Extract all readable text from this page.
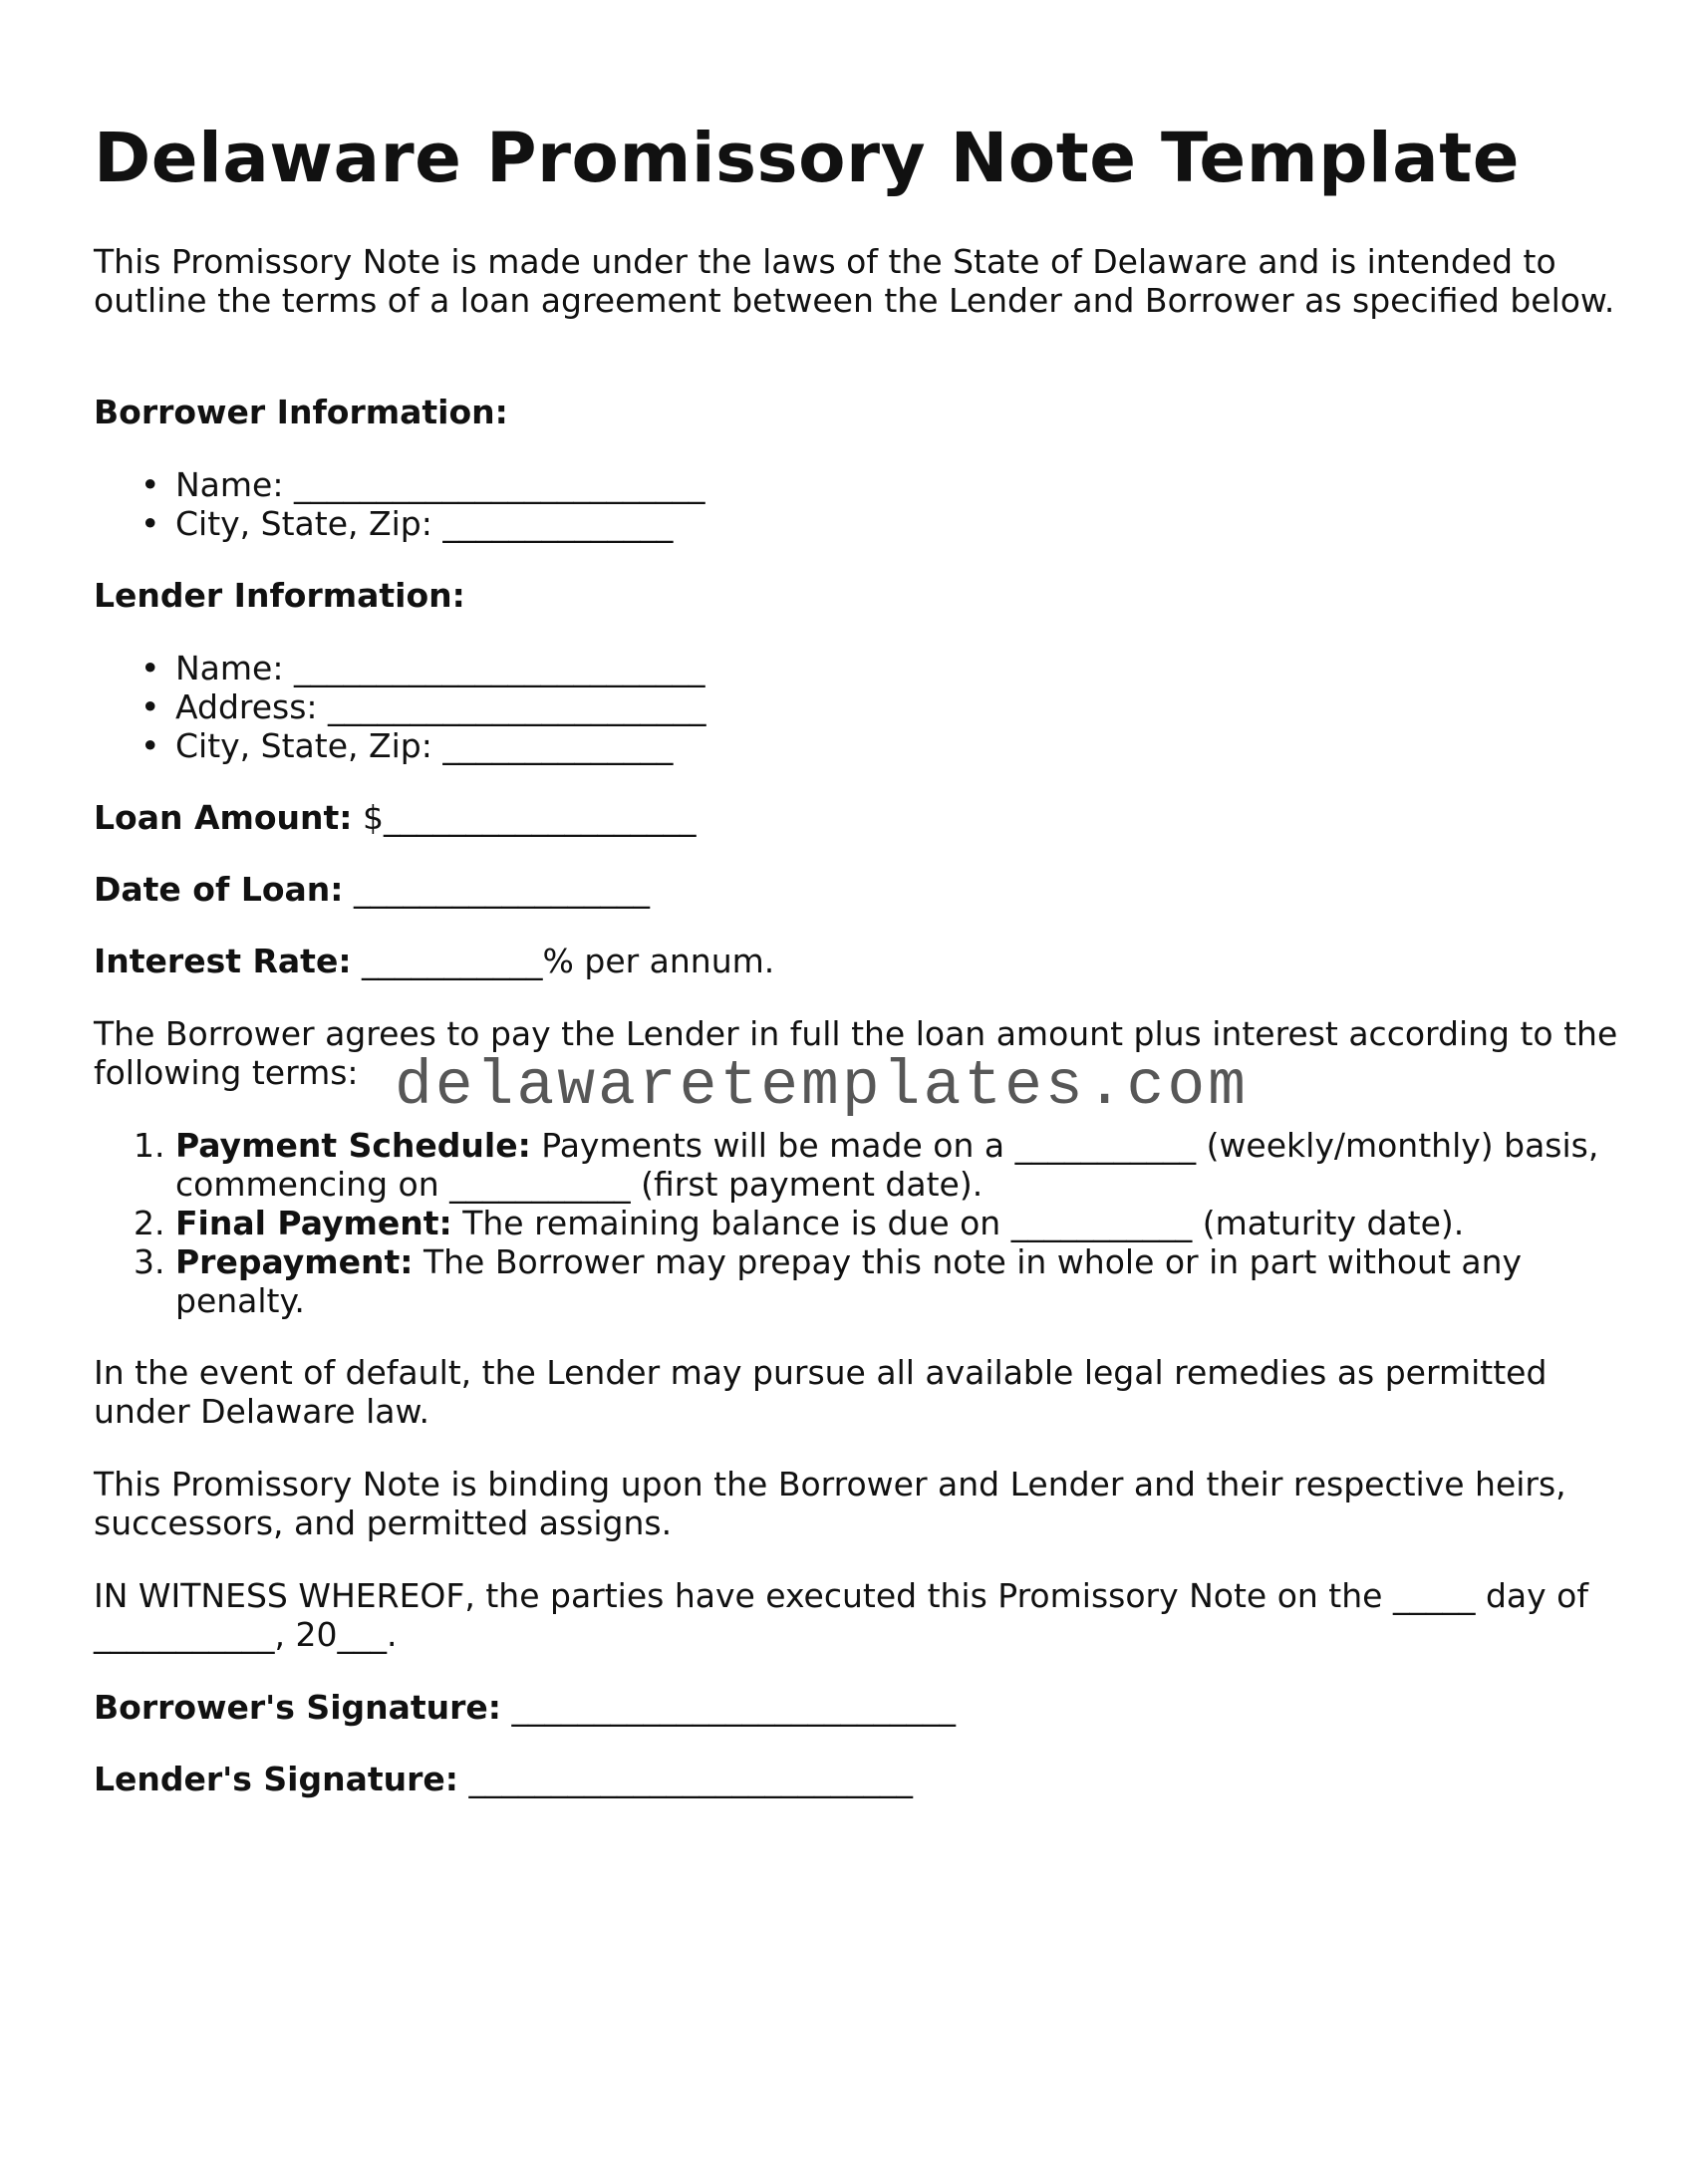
Delaware Promissory Note Template

This Promissory Note is made under the laws of the State of Delaware and is intended to outline the terms of a loan agreement between the Lender and Borrower as specified below.

Borrower Information:

• Name: _________________________
• City, State, Zip: ______________

Lender Information:

• Name: _________________________
• Address: _______________________
• City, State, Zip: ______________

Loan Amount: $___________________

Date of Loan: __________________

Interest Rate: ___________% per annum.

The Borrower agrees to pay the Lender in full the loan amount plus interest according to the following terms:

1. Payment Schedule: Payments will be made on a ___________ (weekly/monthly) basis, commencing on ___________ (first payment date).
2. Final Payment: The remaining balance is due on ___________ (maturity date).
3. Prepayment: The Borrower may prepay this note in whole or in part without any penalty.

In the event of default, the Lender may pursue all available legal remedies as permitted under Delaware law.

This Promissory Note is binding upon the Borrower and Lender and their respective heirs, successors, and permitted assigns.

IN WITNESS WHEREOF, the parties have executed this Promissory Note on the _____ day of ___________, 20___.

Borrower's Signature: ___________________________

Lender's Signature: ___________________________

delawaretemplates.com
